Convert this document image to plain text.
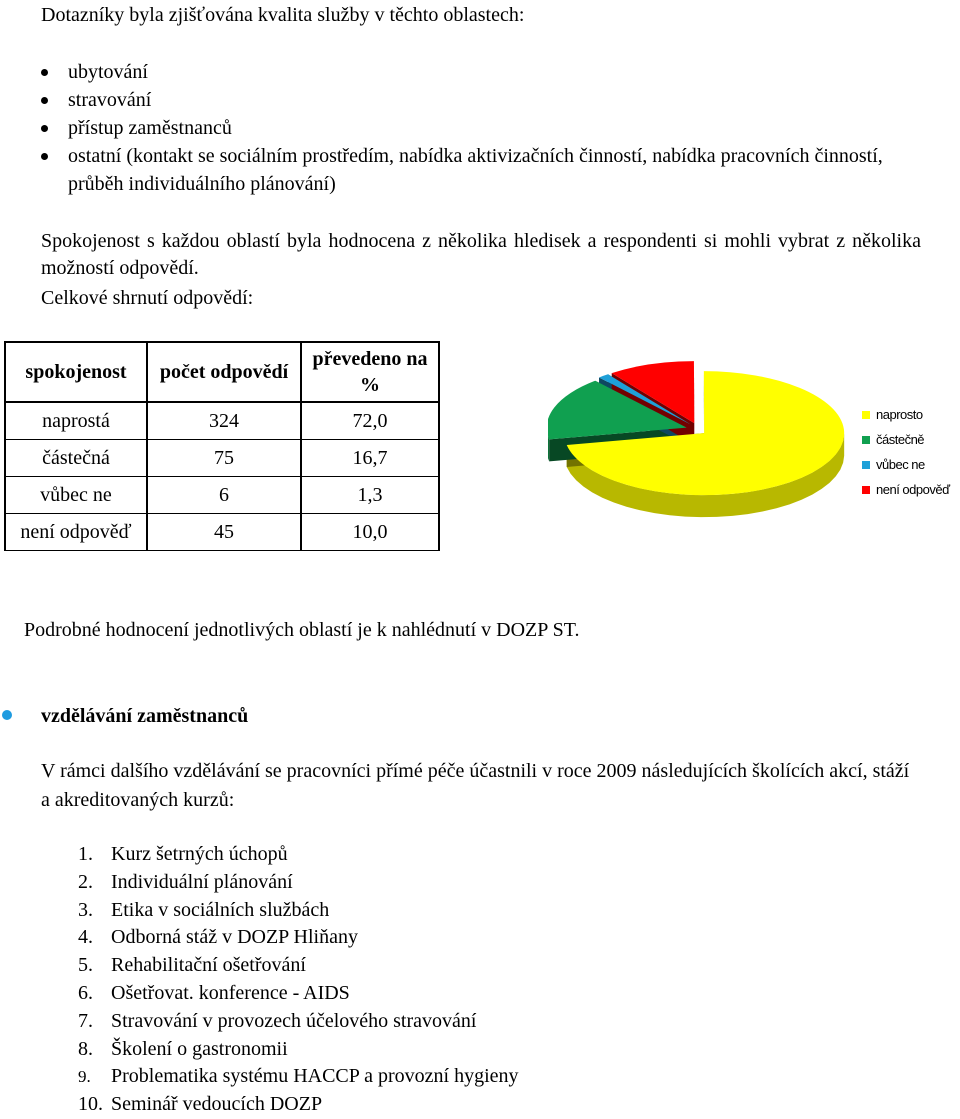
Dotazníky byla zjišťována kvalita služby v těchto oblastech:
ubytování
stravování
přístup zaměstnanců
ostatní (kontakt se sociálním prostředím, nabídka aktivizačních činností, nabídka pracovních činností, průběh individuálního plánování)
Spokojenost s každou oblastí byla hodnocena z několika hledisek a respondenti si mohli vybrat z několika možností odpovědí.
Celkové shrnutí odpovědí:
spokojenost	počet odpovědí	převedeno na %
naprostá	324	72,0
částečná	75	16,7
vůbec ne	6	1,3
není odpověď	45	10,0
naprosto
částečně
vůbec ne
není odpověď
Podrobné hodnocení jednotlivých oblastí je k nahlédnutí v DOZP ST.
vzdělávání zaměstnanců
V rámci dalšího vzdělávání se pracovníci přímé péče účastnili v roce 2009 následujících školících akcí, stáží a akreditovaných kurzů:
1. Kurz šetrných úchopů
2. Individuální plánování
3. Etika v sociálních službách
4. Odborná stáž v DOZP Hliňany
5. Rehabilitační ošetřování
6. Ošetřovat. konference - AIDS
7. Stravování v provozech účelového stravování
8. Školení o gastronomii
9. Problematika systému HACCP a provozní hygieny
10. Seminář vedoucích DOZP
